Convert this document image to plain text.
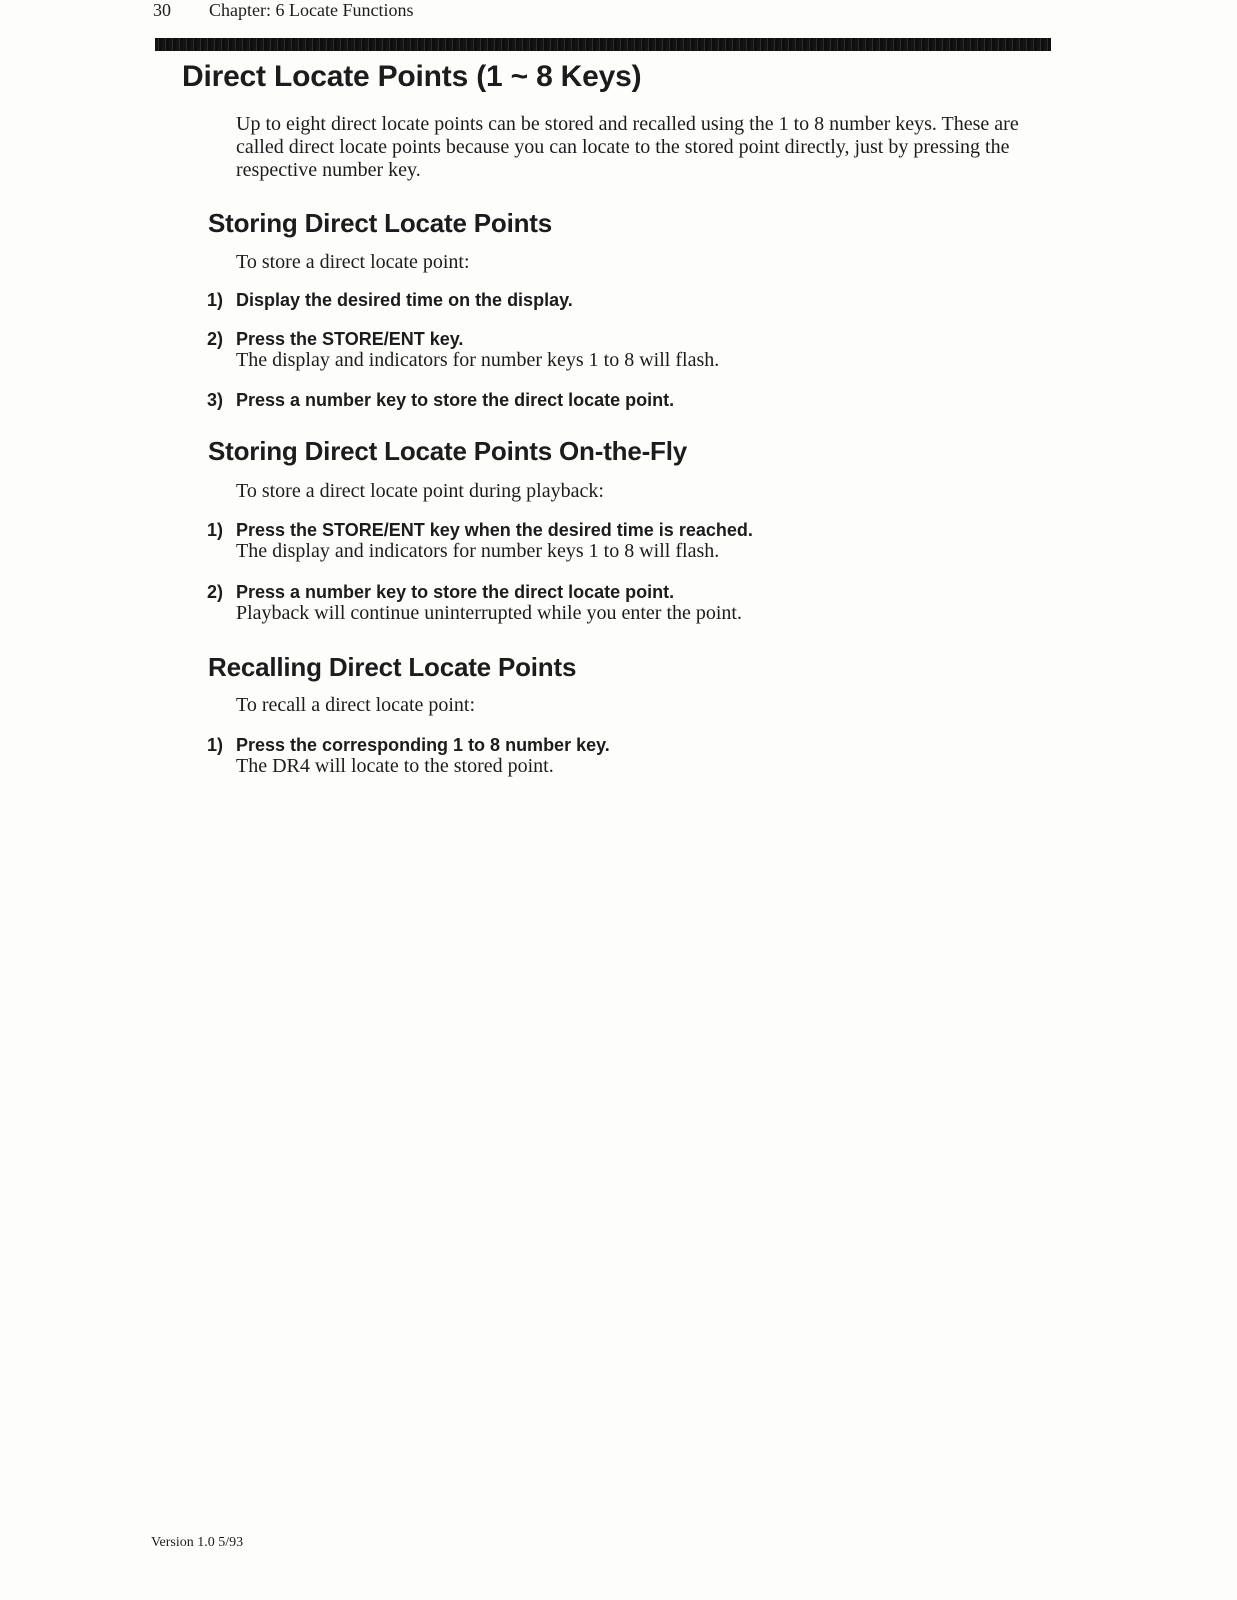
30 Chapter: 6 Locate Functions
Direct Locate Points (1 ~ 8 Keys)
Up to eight direct locate points can be stored and recalled using the 1 to 8 number keys. These are called direct locate points because you can locate to the stored point directly, just by pressing the respective number key.
Storing Direct Locate Points
To store a direct locate point:
1) Display the desired time on the display.
2) Press the STORE/ENT key.
The display and indicators for number keys 1 to 8 will flash.
3) Press a number key to store the direct locate point.
Storing Direct Locate Points On-the-Fly
To store a direct locate point during playback:
1) Press the STORE/ENT key when the desired time is reached.
The display and indicators for number keys 1 to 8 will flash.
2) Press a number key to store the direct locate point.
Playback will continue uninterrupted while you enter the point.
Recalling Direct Locate Points
To recall a direct locate point:
1) Press the corresponding 1 to 8 number key.
The DR4 will locate to the stored point.
Version 1.0 5/93
